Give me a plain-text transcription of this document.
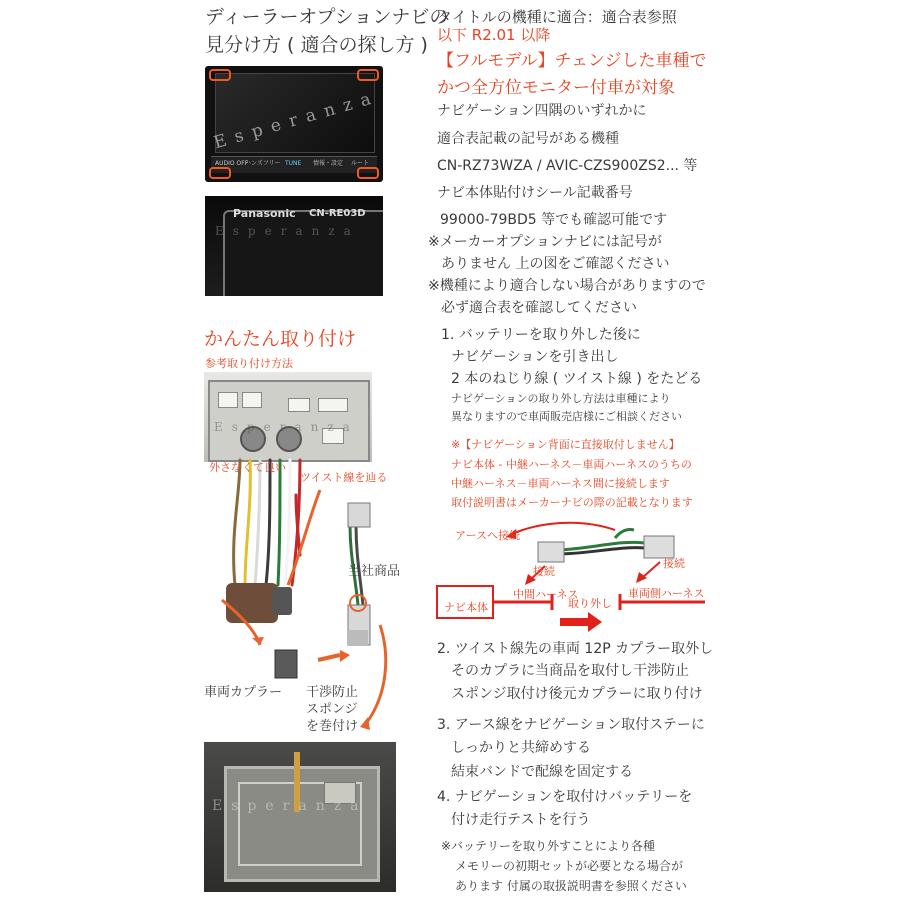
ディーラーオプションナビの
見分け方 ( 適合の探し方 )
AUDIO OFF
ハンズフリー TUNE 情報・設定 ルート
Esperanza
Panasonic CN-RE03D
Esperanza
かんたん取り付け
参考取り付け方法
Esperanza
外さなくて良い
ツイスト線を辿る
当社商品
車両カプラー 干渉防止
スポンジ
を巻付け
Esperanza
タイトルの機種に適合：適合表参照
以下 R2.01 以降
【フルモデル】チェンジした車種で
かつ全方位モニター付車が対象
ナビゲーション四隅のいずれかに
適合表記載の記号がある機種
CN-RZ73WZA / AVIC-CZS900ZS2... 等
ナビ本体貼付けシール記載番号
99000-79BD5 等でも確認可能です
※メーカーオプションナビには記号が
ありません 上の図をご確認ください
※機種により適合しない場合がありますので
必ず適合表を確認してください
1. バッテリーを取り外した後に
ナビゲーションを引き出し
2 本のねじり線 ( ツイスト線 ) をたどる
ナビゲーションの取り外し方法は車種により
異なりますので車両販売店様にご相談ください
※【ナビゲーション背面に直接取付しません】
ナビ本体 - 中継ハーネス－車両ハーネスのうちの
中継ハーネス－車両ハーネス間に接続します
取付説明書はメーカーナビの際の記載となります
アースへ接続
接続
接続
ナビ本体
中間ハーネス
取り外し
車両側ハーネス
2. ツイスト線先の車両 12P カプラー取外し
そのカプラに当商品を取付し干渉防止
スポンジ取付け後元カプラーに取り付け
3. アース線をナビゲーション取付ステーに
しっかりと共締めする
結束バンドで配線を固定する
4. ナビゲーションを取付けバッテリーを
付け走行テストを行う
※バッテリーを取り外すことにより各種
メモリーの初期セットが必要となる場合が
あります 付属の取扱説明書を参照ください
